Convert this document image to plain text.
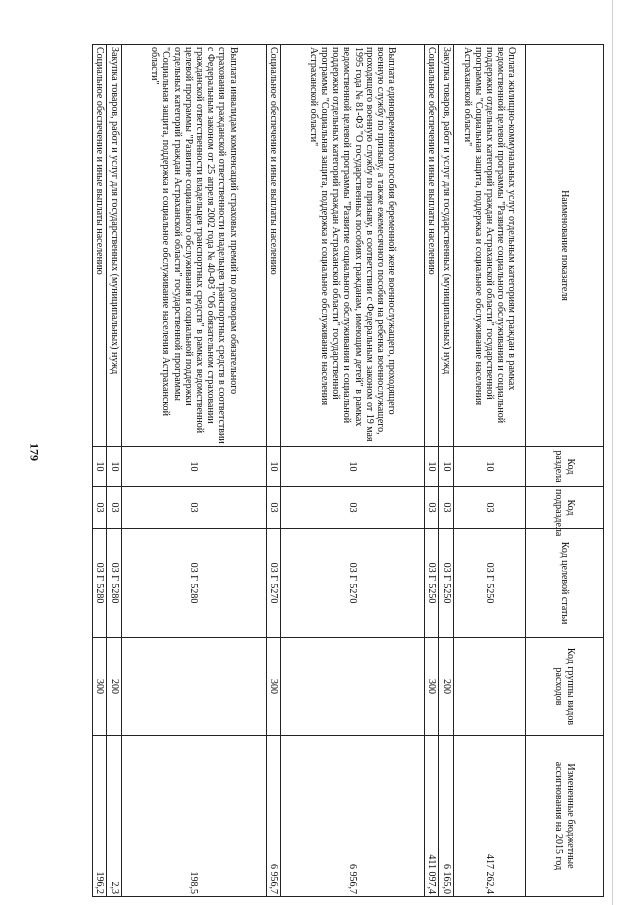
179
Наименование показателя	Код раздела	Код подраздела	Код целевой статьи	Код группы видов расходов	Измененные бюджетные ассигнования на 2015 год
Оплата жилищно-коммунальных услуг отдельным категориям граждан в рамках ведомственной целевой программы "Развитие социального обслуживания и социальной поддержки отдельных категорий граждан Астраханской области" государственной программы "Социальная защита, поддержка и социальное обслуживание населения Астраханской области"	10	03	03 Г 5250		417 262,4
Закупка товаров, работ и услуг для государственных (муниципальных) нужд	10	03	03 Г 5250	200	6 165,0
Социальное обеспечение и иные выплаты населению	10	03	03 Г 5250	300	411 097,4
Выплата единовременного пособия беременной жене военнослужащего, проходящего военную службу по призыву, а также ежемесячного пособия на ребенка военнослужащего, проходящего военную службу по призыву, в соответствии с Федеральным законом от 19 мая 1995 года № 81-ФЗ "О государственных пособиях гражданам, имеющим детей" в рамках ведомственной целевой программы "Развитие социального обслуживания и социальной поддержки отдельных категорий граждан Астраханской области" государственной программы "Социальная защита, поддержка и социальное обслуживание населения Астраханской области"	10	03	03 Г 5270		6 956,7
Социальное обеспечение и иные выплаты населению	10	03	03 Г 5270	300	6 956,7
Выплата инвалидам компенсаций страховых премий по договорам обязательного страхования гражданской ответственности владельцев транспортных средств в соответствии с Федеральным законом от 25 апреля 2002 года № 40-ФЗ "Об обязательном страховании гражданской ответственности владельцев транспортных средств" в рамках ведомственной целевой программы "Развитие социального обслуживания и социальной поддержки отдельных категорий граждан Астраханской области" государственной программы "Социальная защита, поддержка и социальное обслуживание населения Астраханской области"	10	03	03 Г 5280		198,5
Закупка товаров, работ и услуг для государственных (муниципальных) нужд	10	03	03 Г 5280	200	2,3
Социальное обеспечение и иные выплаты населению	10	03	03 Г 5280	300	196,2
